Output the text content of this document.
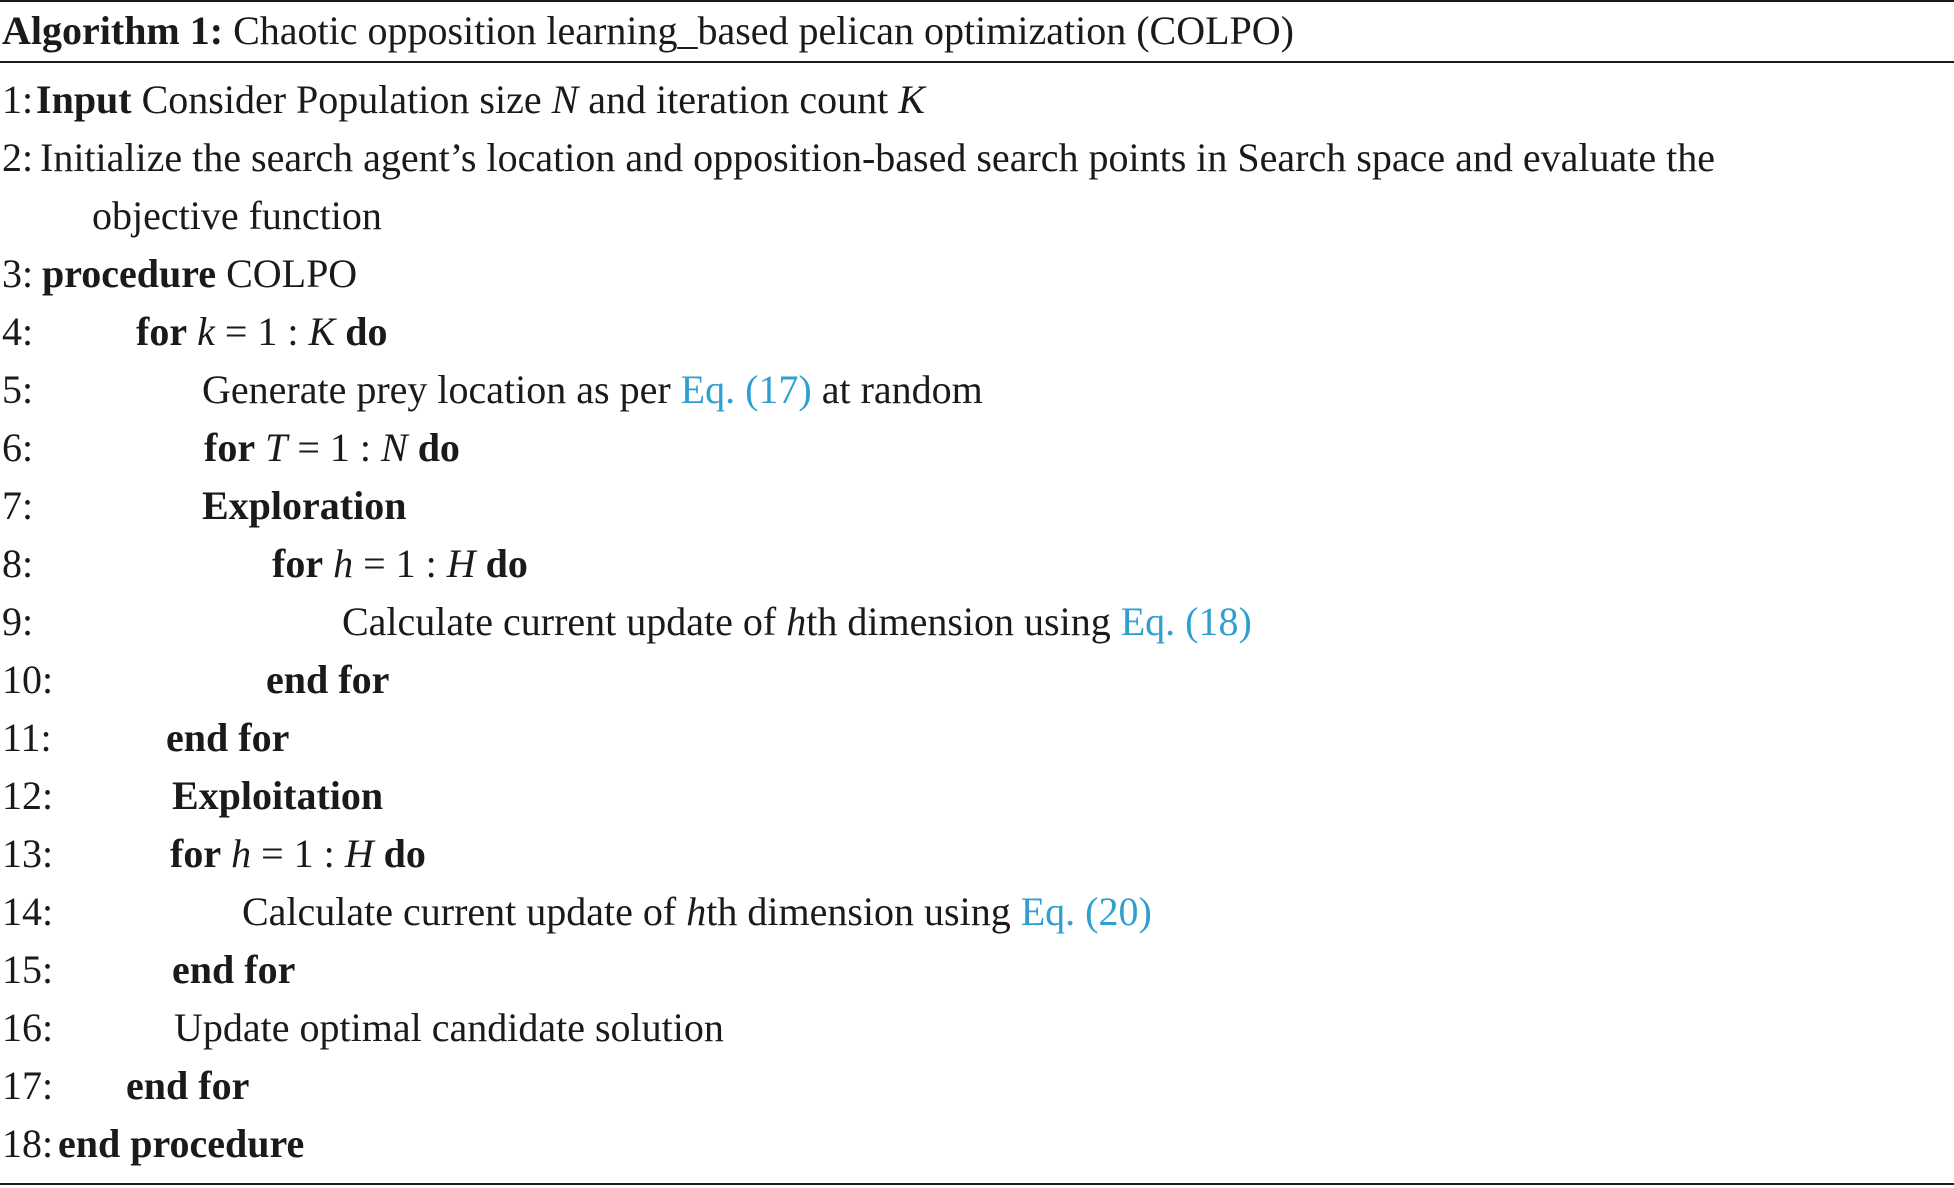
Algorithm 1: Chaotic opposition learning_based pelican optimization (COLPO)
1: Input Consider Population size N and iteration count K
2: Initialize the search agent’s location and opposition-based search points in Search space and evaluate the
objective function
3: procedure COLPO
4:	for k = 1 : K do
5:	Generate prey location as per Eq. (17) at random
6:	for T = 1 : N do
7:	Exploration
8:	for h = 1 : H do
9:	Calculate current update of hth dimension using Eq. (18)
10:	end for
11:	end for
12:	Exploitation
13:	for h = 1 : H do
14:	Calculate current update of hth dimension using Eq. (20)
15:	end for
16:	Update optimal candidate solution
17: end for
18: end procedure
